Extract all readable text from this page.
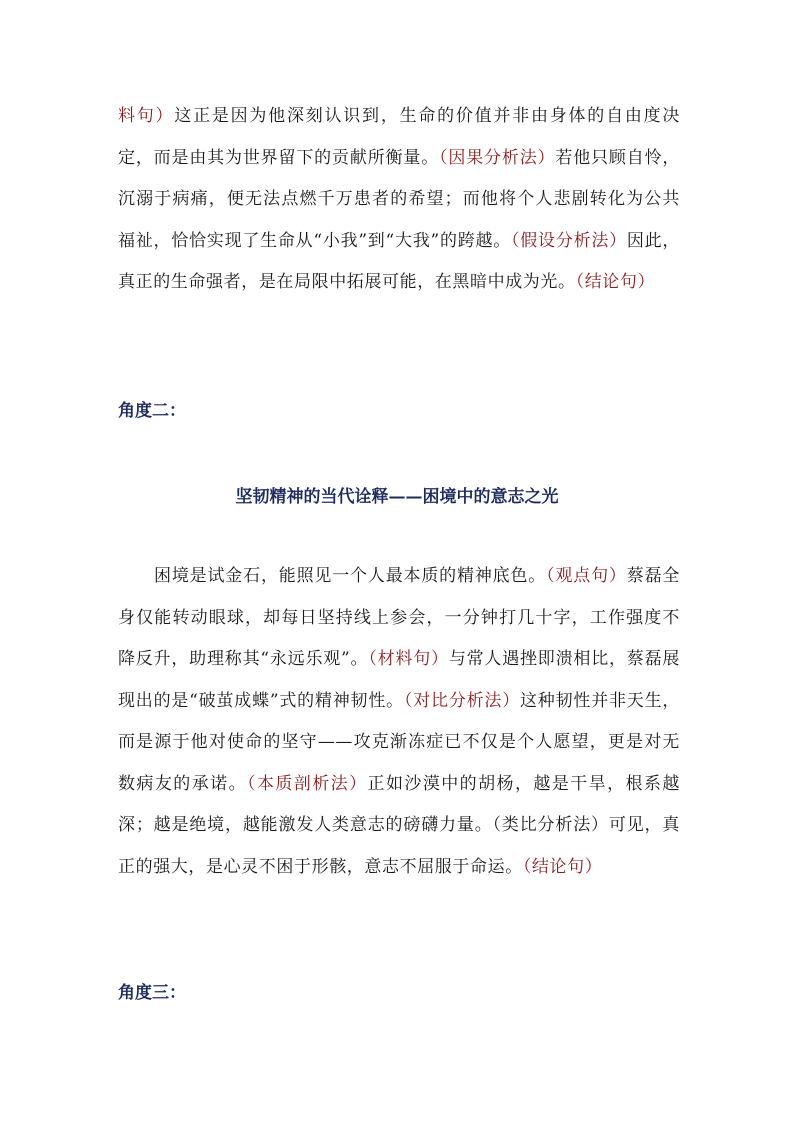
料句）这正是因为他深刻认识到，生命的价值并非由身体的自由度决定，而是由其为世界留下的贡献所衡量。（因果分析法）若他只顾自怜，沉溺于病痛，便无法点燃千万患者的希望；而他将个人悲剧转化为公共福祉，恰恰实现了生命从“小我”到“大我”的跨越。（假设分析法）因此，真正的生命强者，是在局限中拓展可能，在黑暗中成为光。（结论句）

角度二：
坚韧精神的当代诠释——困境中的意志之光

困境是试金石，能照见一个人最本质的精神底色。（观点句）蔡磊全身仅能转动眼球，却每日坚持线上参会，一分钟打几十字，工作强度不降反升，助理称其“永远乐观”。（材料句）与常人遇挫即溃相比，蔡磊展现出的是“破茧成蝶”式的精神韧性。（对比分析法）这种韧性并非天生，而是源于他对使命的坚守——攻克渐冻症已不仅是个人愿望，更是对无数病友的承诺。（本质剖析法）正如沙漠中的胡杨，越是干旱，根系越深；越是绝境，越能激发人类意志的磅礴力量。（类比分析法）可见，真正的强大，是心灵不困于形骸，意志不屈服于命运。（结论句）

角度三：
